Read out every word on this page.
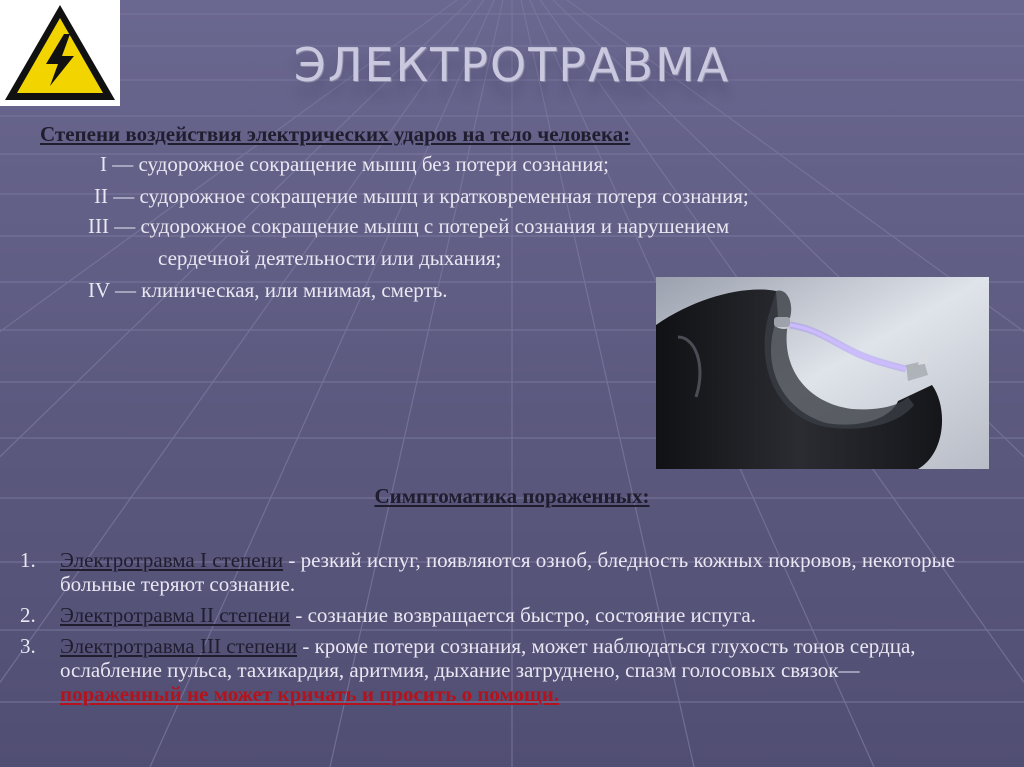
ЭЛЕКТРОТРАВМА
Степени воздействия электрических ударов на тело человека:
I — судорожное сокращение мышц без потери сознания;
II — судорожное сокращение мышц и кратковременная потеря сознания;
III — судорожное сокращение мышц с потерей сознания и нарушением
сердечной деятельности или дыхания;
IV — клиническая, или мнимая, смерть.
Симптоматика пораженных:
1. Электротравма I степени - резкий испуг, появляются озноб, бледность кожных покровов, некоторые больные теряют сознание.
2. Электротравма II степени - сознание возвращается быстро, состояние испуга.
3. Электротравма III степени - кроме потери сознания, может наблюдаться глухость тонов сердца, ослабление пульса, тахикардия, аритмия, дыхание затруднено, спазм голосовых связок— пораженный не может кричать и просить о помощи.
